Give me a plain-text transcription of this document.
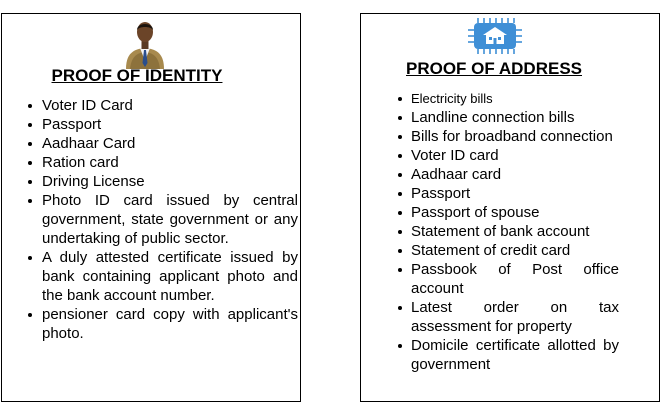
PROOF OF IDENTITY
Voter ID Card
Passport
Aadhaar Card
Ration card
Driving License
Photo ID card issued by central government, state government or any undertaking of public sector.
A duly attested certificate issued by bank containing applicant photo and the bank account number.
pensioner card copy with applicant's photo.
PROOF OF ADDRESS
Electricity bills
Landline connection bills
Bills for broadband connection
Voter ID card
Aadhaar card
Passport
Passport of spouse
Statement of bank account
Statement of credit card
Passbook of Post office account
Latest order on tax assessment for property
Domicile certificate allotted by government
